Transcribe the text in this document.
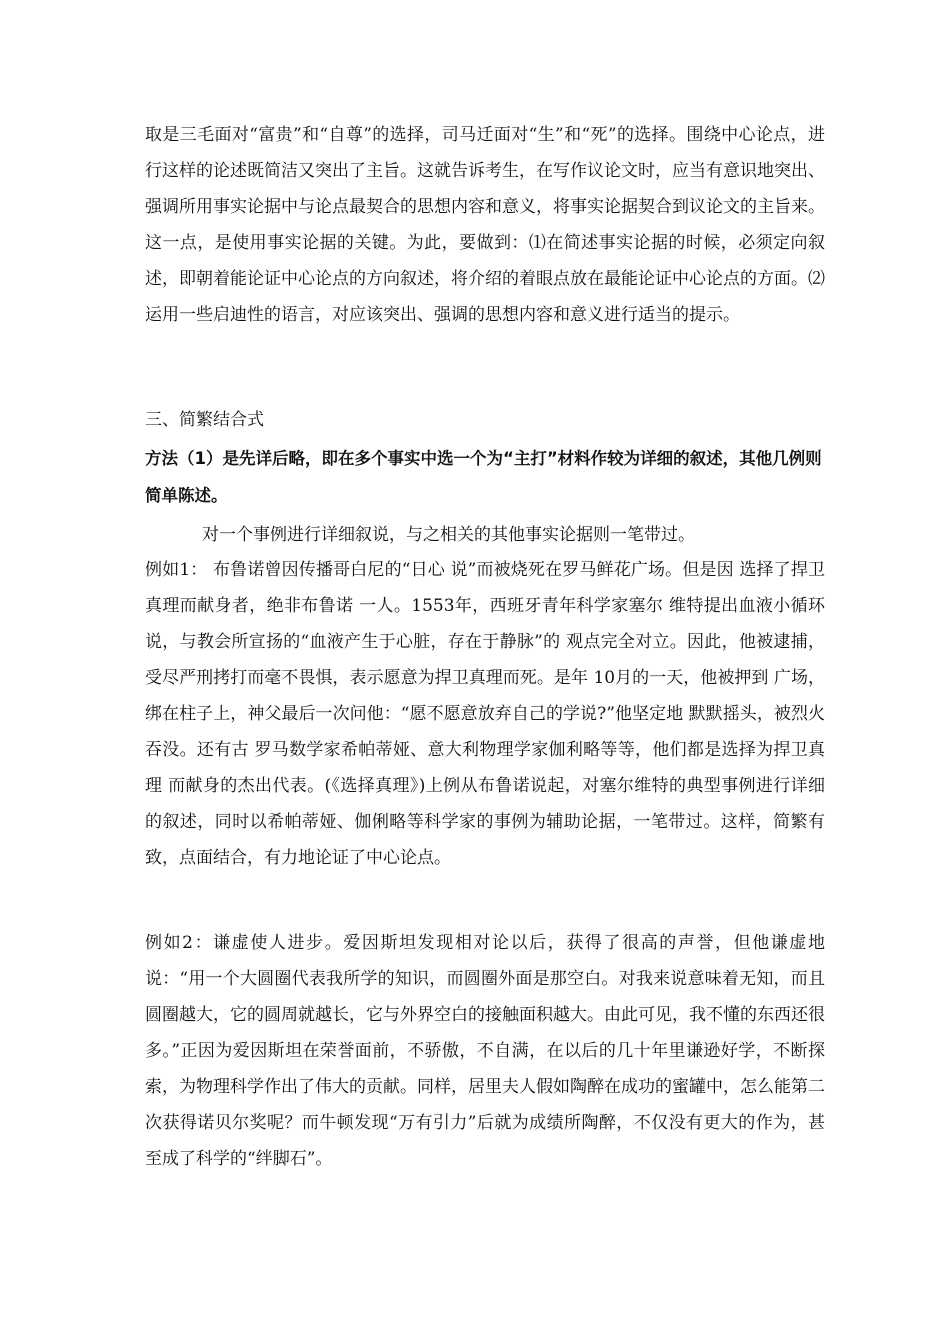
取是三毛面对“富贵”和“自尊”的选择，司马迁面对“生”和“死”的选择。围绕中心论点，进行这样的论述既简洁又突出了主旨。这就告诉考生，在写作议论文时，应当有意识地突出、强调所用事实论据中与论点最契合的思想内容和意义，将事实论据契合到议论文的主旨来。这一点，是使用事实论据的关键。为此，要做到：⑴在简述事实论据的时候，必须定向叙述，即朝着能论证中心论点的方向叙述，将介绍的着眼点放在最能论证中心论点的方面。⑵运用一些启迪性的语言，对应该突出、强调的思想内容和意义进行适当的提示。

三、简繁结合式

方法（1）是先详后略，即在多个事实中选一个为“主打”材料作较为详细的叙述，其他几例则简单陈述。

对一个事例进行详细叙说，与之相关的其他事实论据则一笔带过。

例如1： 布鲁诺曾因传播哥白尼的“日心 说”而被烧死在罗马鲜花广场。但是因 选择了捍卫真理而献身者，绝非布鲁诺 一人。1553年，西班牙青年科学家塞尔 维特提出血液小循环说，与教会所宣扬的“血液产生于心脏，存在于静脉”的 观点完全对立。因此，他被逮捕，受尽严刑拷打而毫不畏惧，表示愿意为捍卫真理而死。是年 10月的一天，他被押到 广场，绑在柱子上，神父最后一次问他：“愿不愿意放弃自己的学说?”他坚定地 默默摇头，被烈火吞没。还有古 罗马数学家希帕蒂娅、意大利物理学家伽利略等等，他们都是选择为捍卫真理 而献身的杰出代表。(《选择真理》)上例从布鲁诺说起，对塞尔维特的典型事例进行详细的叙述，同时以希帕蒂娅、伽俐略等科学家的事例为辅助论据，一笔带过。这样，简繁有致，点面结合，有力地论证了中心论点。

例如2：谦虚使人进步。爱因斯坦发现相对论以后，获得了很高的声誉，但他谦虚地说：“用一个大圆圈代表我所学的知识，而圆圈外面是那空白。对我来说意味着无知，而且圆圈越大，它的圆周就越长，它与外界空白的接触面积越大。由此可见，我不懂的东西还很多。”正因为爱因斯坦在荣誉面前，不骄傲，不自满，在以后的几十年里谦逊好学，不断探索，为物理科学作出了伟大的贡献。同样，居里夫人假如陶醉在成功的蜜罐中，怎么能第二次获得诺贝尔奖呢？而牛顿发现“万有引力”后就为成绩所陶醉，不仅没有更大的作为，甚至成了科学的“绊脚石”。
